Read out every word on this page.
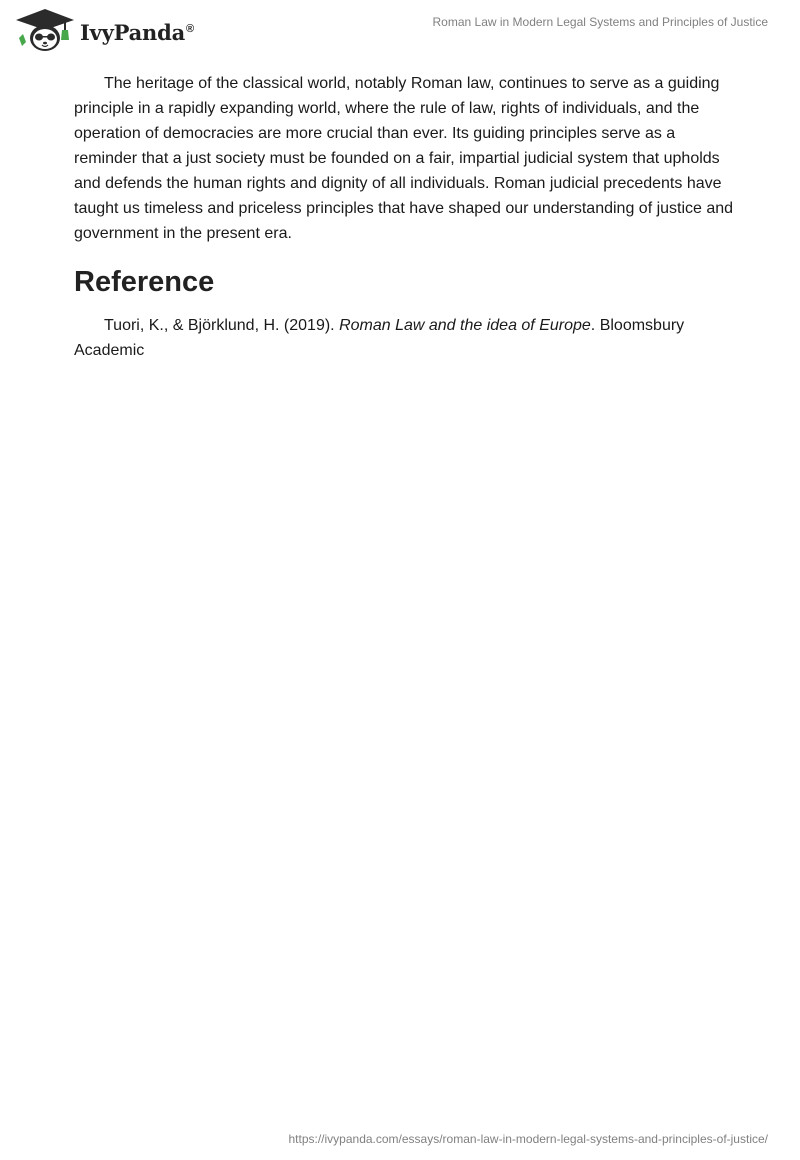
IvyPanda®	Roman Law in Modern Legal Systems and Principles of Justice

The heritage of the classical world, notably Roman law, continues to serve as a guiding principle in a rapidly expanding world, where the rule of law, rights of individuals, and the operation of democracies are more crucial than ever. Its guiding principles serve as a reminder that a just society must be founded on a fair, impartial judicial system that upholds and defends the human rights and dignity of all individuals. Roman judicial precedents have taught us timeless and priceless principles that have shaped our understanding of justice and government in the present era.

Reference

Tuori, K., & Björklund, H. (2019). Roman Law and the idea of Europe. Bloomsbury Academic

https://ivypanda.com/essays/roman-law-in-modern-legal-systems-and-principles-of-justice/
